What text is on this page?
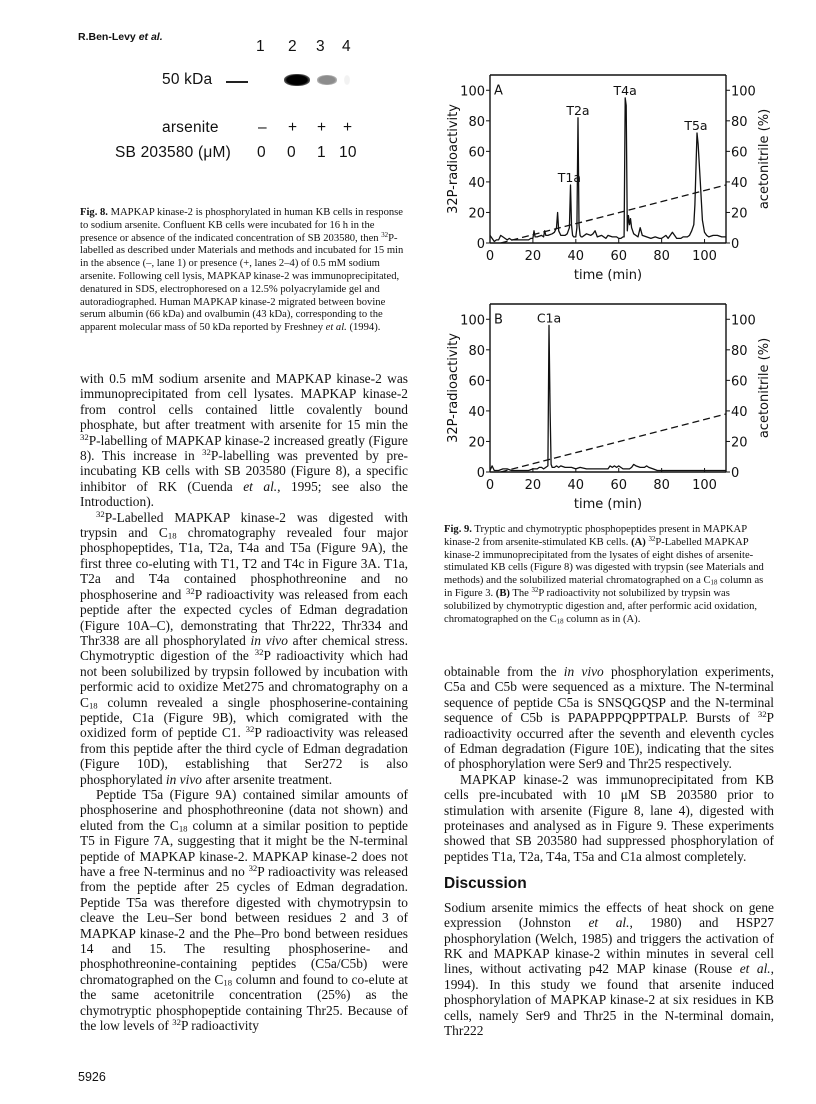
R.Ben-Levy et al.
1 2 3 4
50 kDa
arsenite	– + + +
SB 203580 (μM) 0 0 1 10
Fig. 8. MAPKAP kinase-2 is phosphorylated in human KB cells in response to sodium arsenite. Confluent KB cells were incubated for 16 h in the presence or absence of the indicated concentration of SB 203580, then $^{32}$P-labelled as described under Materials and methods and incubated for 15 min in the absence (–, lane 1) or presence (+, lanes 2–4) of 0.5 mM sodium arsenite. Following cell lysis, MAPKAP kinase-2 was immunoprecipitated, denatured in SDS, electrophoresed on a 12.5% polyacrylamide gel and autoradiographed. Human MAPKAP kinase-2 migrated between bovine serum albumin (66 kDa) and ovalbumin (43 kDa), corresponding to the apparent molecular mass of 50 kDa reported by Freshney et al. (1994).

with 0.5 mM sodium arsenite and MAPKAP kinase-2 was immunoprecipitated from cell lysates. MAPKAP kinase-2 from control cells contained little covalently bound phosphate, but after treatment with arsenite for 15 min the $^{32}$P-labelling of MAPKAP kinase-2 increased greatly (Figure 8). This increase in $^{32}$P-labelling was prevented by pre-incubating KB cells with SB 203580 (Figure 8), a specific inhibitor of RK (Cuenda et al., 1995; see also the Introduction).

$^{32}$P-Labelled MAPKAP kinase-2 was digested with trypsin and $C_{18}$ chromatography revealed four major phosphopeptides, T1a, T2a, T4a and T5a (Figure 9A), the first three co-eluting with T1, T2 and T4c in Figure 3A. T1a, T2a and T4a contained phosphothreonine and no phosphoserine and $^{32}$P radioactivity was released from each peptide after the expected cycles of Edman degradation (Figure 10A–C), demonstrating that Thr222, Thr334 and Thr338 are all phosphorylated in vivo after chemical stress. Chymotryptic digestion of the $^{32}$P radioactivity which had not been solubilized by trypsin followed by incubation with performic acid to oxidize Met275 and chromatography on a $C_{18}$ column revealed a single phosphoserine-containing peptide, C1a (Figure 9B), which comigrated with the oxidized form of peptide C1. $^{32}$P radioactivity was released from this peptide after the third cycle of Edman degradation (Figure 10D), establishing that Ser272 is also phosphorylated in vivo after arsenite treatment.

Peptide T5a (Figure 9A) contained similar amounts of phosphoserine and phosphothreonine (data not shown) and eluted from the $C_{18}$ column at a similar position to peptide T5 in Figure 7A, suggesting that it might be the N-terminal peptide of MAPKAP kinase-2. MAPKAP kinase-2 does not have a free N-terminus and no $^{32}$P radioactivity was released from the peptide after 25 cycles of Edman degradation. Peptide T5a was therefore digested with chymotrypsin to cleave the Leu–Ser bond between residues 2 and 3 of MAPKAP kinase-2 and the Phe–Pro bond between residues 14 and 15. The resulting phosphoserine- and phosphothreonine-containing peptides (C5a/C5b) were chromatographed on the $C_{18}$ column and found to co-elute at the same acetonitrile concentration (25%) as the chymotryptic phosphopeptide containing Thr25. Because of the low levels of $^{32}$P radioactivity

0 20 40 60 80 100
0
20
40
60
80
100
0
20
40
60
80
100
time (min)
32P-radioactivity	acetonitrile (%)
A
T1a
T2a
T4a
T5a
0 20 40 60 80 100
0
20
40
60
80
100
0
20
40
60
80
100
time (min)
32P-radioactivity	acetonitrile (%)
B	C1a
Fig. 9. Tryptic and chymotryptic phosphopeptides present in MAPKAP kinase-2 from arsenite-stimulated KB cells. (A) $^{32}$P-Labelled MAPKAP kinase-2 immunoprecipitated from the lysates of eight dishes of arsenite-stimulated KB cells (Figure 8) was digested with trypsin (see Materials and methods) and the solubilized material chromatographed on a $C_{18}$ column as in Figure 3. (B) The $^{32}$P radioactivity not solubilized by trypsin was solubilized by chymotryptic digestion and, after performic acid oxidation, chromatographed on the $C_{18}$ column as in (A).

obtainable from the in vivo phosphorylation experiments, C5a and C5b were sequenced as a mixture. The N-terminal sequence of peptide C5a is SNSQGQSP and the N-terminal sequence of C5b is PAPAPPPQPPTPALP. Bursts of $^{32}$P radioactivity occurred after the seventh and eleventh cycles of Edman degradation (Figure 10E), indicating that the sites of phosphorylation were Ser9 and Thr25 respectively.

MAPKAP kinase-2 was immunoprecipitated from KB cells pre-incubated with 10 μM SB 203580 prior to stimulation with arsenite (Figure 8, lane 4), digested with proteinases and analysed as in Figure 9. These experiments showed that SB 203580 had suppressed phosphorylation of peptides T1a, T2a, T4a, T5a and C1a almost completely.

Discussion

Sodium arsenite mimics the effects of heat shock on gene expression (Johnston et al., 1980) and HSP27 phosphorylation (Welch, 1985) and triggers the activation of RK and MAPKAP kinase-2 within minutes in several cell lines, without activating p42 MAP kinase (Rouse et al., 1994). In this study we found that arsenite induced phosphorylation of MAPKAP kinase-2 at six residues in KB cells, namely Ser9 and Thr25 in the N-terminal domain, Thr222

5926
